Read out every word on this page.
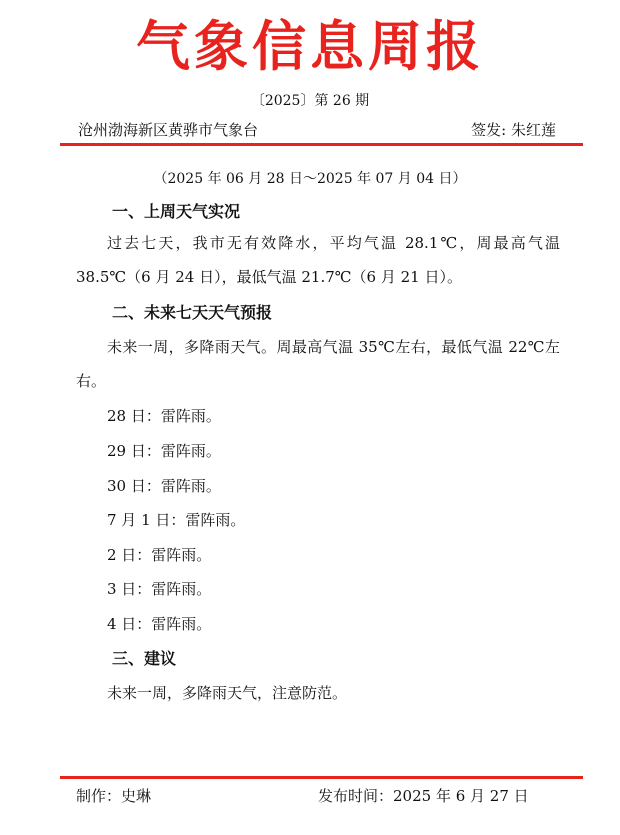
气象信息周报
〔2025〕第 26 期
沧州渤海新区黄骅市气象台	签发: 朱红莲
（2025 年 06 月 28 日～2025 年 07 月 04 日）
一、上周天气实况
过去七天，我市无有效降水，平均气温 28.1℃，周最高气温 38.5℃（6 月 24 日），最低气温 21.7℃（6 月 21 日）。
二、未来七天天气预报
未来一周，多降雨天气。周最高气温 35℃左右，最低气温 22℃左右。
28 日：雷阵雨。
29 日：雷阵雨。
30 日：雷阵雨。
7 月 1 日：雷阵雨。
2 日：雷阵雨。
3 日：雷阵雨。
4 日：雷阵雨。
三、建议
未来一周，多降雨天气，注意防范。
制作：史琳	发布时间：2025 年 6 月 27 日
